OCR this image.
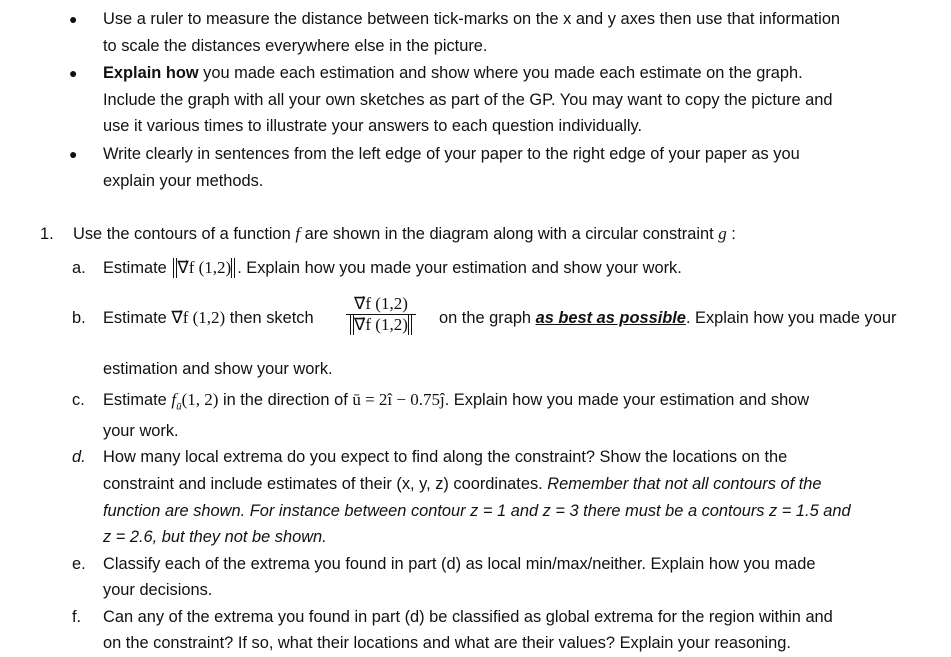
● Use a ruler to measure the distance between tick-marks on the x and y axes then use that information
to scale the distances everywhere else in the picture.
● Explain how you made each estimation and show where you made each estimate on the graph.
Include the graph with all your own sketches as part of the GP. You may want to copy the picture and
use it various times to illustrate your answers to each question individually.
● Write clearly in sentences from the left edge of your paper to the right edge of your paper as you
explain your methods.
1. Use the contours of a function f are shown in the diagram along with a circular constraint g :
a. Estimate ∇⃗f (1,2) . Explain how you made your estimation and show your work.
b. Estimate ∇⃗f (1,2) then sketch $\frac{\nabla⃗f (1,2)}{\nabla⃗f (1,2)}$ on the graph as best as possible. Explain how you made your
estimation and show your work.
c. Estimate $f_ū(1$, 2) in the direction of ū = 2î − 0.75ĵ. Explain how you made your estimation and show
your work.
d. How many local extrema do you expect to find along the constraint? Show the locations on the
constraint and include estimates of their (x, y, z) coordinates. Remember that not all contours of the
function are shown. For instance between contour z = 1 and z = 3 there must be a contours z = 1.5 and
z = 2.6, but they not be shown.
e. Classify each of the extrema you found in part (d) as local min/max/neither. Explain how you made
your decisions.
f. Can any of the extrema you found in part (d) be classified as global extrema for the region within and
on the constraint? If so, what their locations and what are their values? Explain your reasoning.
